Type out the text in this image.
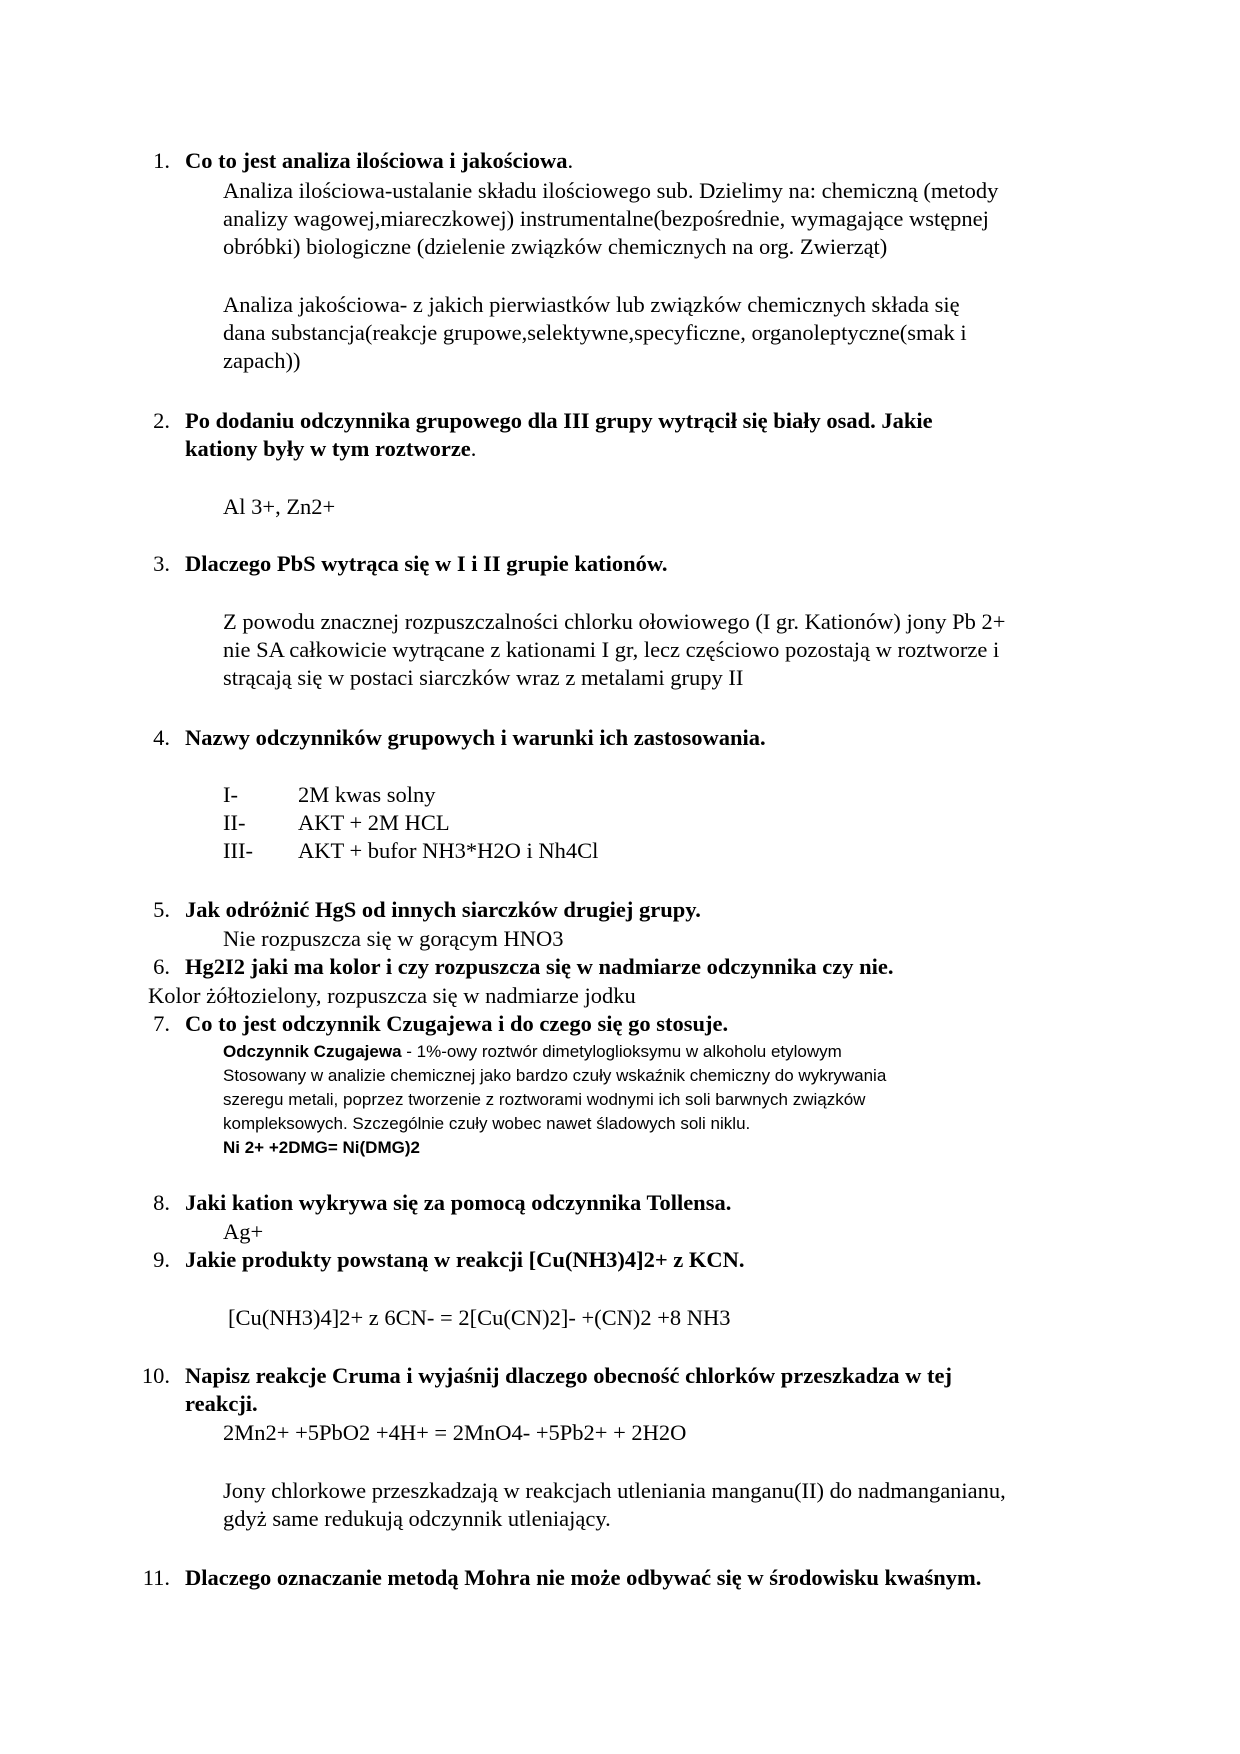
1. Co to jest analiza ilościowa i jakościowa.
Analiza ilościowa-ustalanie składu ilościowego sub. Dzielimy na: chemiczną (metody
analizy wagowej,miareczkowej) instrumentalne(bezpośrednie, wymagające wstępnej
obróbki) biologiczne (dzielenie związków chemicznych na org. Zwierząt)
Analiza jakościowa- z jakich pierwiastków lub związków chemicznych składa się
dana substancja(reakcje grupowe,selektywne,specyficzne, organoleptyczne(smak i
zapach))
2. Po dodaniu odczynnika grupowego dla III grupy wytrącił się biały osad. Jakie
kationy były w tym roztworze.
Al 3+, Zn2+
3. Dlaczego PbS wytrąca się w I i II grupie kationów.
Z powodu znacznej rozpuszczalności chlorku ołowiowego (I gr. Kationów) jony Pb 2+
nie SA całkowicie wytrącane z kationami I gr, lecz częściowo pozostają w roztworze i
strącają się w postaci siarczków wraz z metalami grupy II
4. Nazwy odczynników grupowych i warunki ich zastosowania.
I-	2M kwas solny
II- AKT + 2M HCL
III- AKT + bufor NH3*H2O i Nh4Cl
5. Jak odróżnić HgS od innych siarczków drugiej grupy.
Nie rozpuszcza się w gorącym HNO3
6. Hg2I2 jaki ma kolor i czy rozpuszcza się w nadmiarze odczynnika czy nie.
Kolor żółtozielony, rozpuszcza się w nadmiarze jodku
7. Co to jest odczynnik Czugajewa i do czego się go stosuje.
Odczynnik Czugajewa - 1%-owy roztwór dimetyloglioksymu w alkoholu etylowym
Stosowany w analizie chemicznej jako bardzo czuły wskaźnik chemiczny do wykrywania
szeregu metali, poprzez tworzenie z roztworami wodnymi ich soli barwnych związków
kompleksowych. Szczególnie czuły wobec nawet śladowych soli niklu.
Ni 2+ +2DMG= Ni(DMG)2
8. Jaki kation wykrywa się za pomocą odczynnika Tollensa.
Ag+
9. Jakie produkty powstaną w reakcji [Cu(NH3)4]2+ z KCN.
[Cu(NH3)4]2+ z 6CN- = 2[Cu(CN)2]- +(CN)2 +8 NH3
10. Napisz reakcje Cruma i wyjaśnij dlaczego obecność chlorków przeszkadza w tej
reakcji.
2Mn2+ +5PbO2 +4H+ = 2MnO4- +5Pb2+ + 2H2O
Jony chlorkowe przeszkadzają w reakcjach utleniania manganu(II) do nadmanganianu,
gdyż same redukują odczynnik utleniający.
11. Dlaczego oznaczanie metodą Mohra nie może odbywać się w środowisku kwaśnym.
